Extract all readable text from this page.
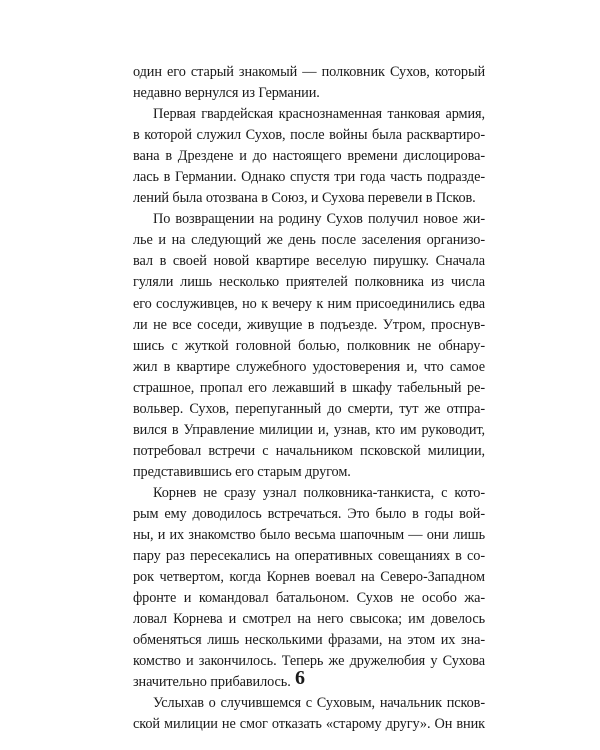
один его старый знакомый — полковник Сухов, который
недавно вернулся из Германии.
Первая гвардейская краснознаменная танковая армия,
в которой служил Сухов, после войны была расквартиро-
вана в Дрездене и до настоящего времени дислоцирова-
лась в Германии. Однако спустя три года часть подразде-
лений была отозвана в Союз, и Сухова перевели в Псков.
По возвращении на родину Сухов получил новое жи-
лье и на следующий же день после заселения организо-
вал в своей новой квартире веселую пирушку. Сначала
гуляли лишь несколько приятелей полковника из числа
его сослуживцев, но к вечеру к ним присоединились едва
ли не все соседи, живущие в подъезде. Утром, проснув-
шись с жуткой головной болью, полковник не обнару-
жил в квартире служебного удостоверения и, что самое
страшное, пропал его лежавший в шкафу табельный ре-
вольвер. Сухов, перепуганный до смерти, тут же отпра-
вился в Управление милиции и, узнав, кто им руководит,
потребовал встречи с начальником псковской милиции,
представившись его старым другом.
Корнев не сразу узнал полковника-танкиста, с кото-
рым ему доводилось встречаться. Это было в годы вой-
ны, и их знакомство было весьма шапочным — они лишь
пару раз пересекались на оперативных совещаниях в со-
рок четвертом, когда Корнев воевал на Северо-Западном
фронте и командовал батальоном. Сухов не особо жа-
ловал Корнева и смотрел на него свысока; им довелось
обменяться лишь несколькими фразами, на этом их зна-
комство и закончилось. Теперь же дружелюбия у Сухова
значительно прибавилось.
Услыхав о случившемся с Суховым, начальник псков-
ской милиции не смог отказать «старому другу». Он вник
6
